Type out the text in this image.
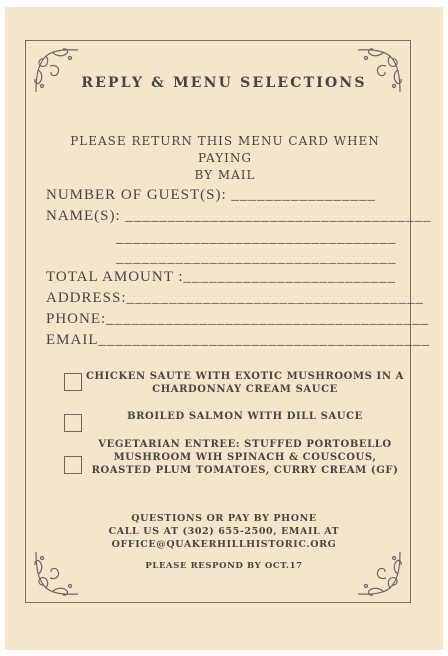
REPLY & MENU SELECTIONS
PLEASE RETURN THIS MENU CARD WHEN PAYING
BY MAIL
NUMBER OF GUEST(S): _________________
NAME(S): ____________________________________
_________________________________
_________________________________
TOTAL AMOUNT :_________________________
ADDRESS:___________________________________
PHONE:______________________________________
EMAIL_______________________________________
CHICKEN SAUTE WITH EXOTIC MUSHROOMS IN A
CHARDONNAY CREAM SAUCE
BROILED SALMON WITH DILL SAUCE
VEGETARIAN ENTREE: STUFFED PORTOBELLO
MUSHROOM WIH SPINACH & COUSCOUS,
ROASTED PLUM TOMATOES, CURRY CREAM (GF)
QUESTIONS OR PAY BY PHONE
CALL US AT (302) 655-2500, EMAIL AT
OFFICE@QUAKERHILLHISTORIC.ORG
PLEASE RESPOND BY OCT.17
